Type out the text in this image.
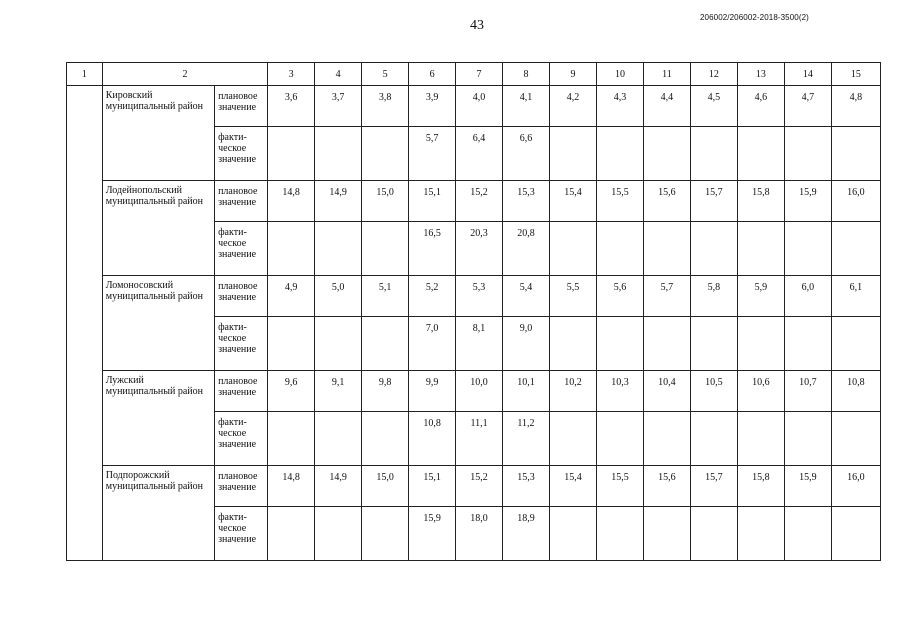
43
206002/206002-2018-3500(2)
1	2		3	4	5	6	7	8	9	10	11	12	13	14	15
	Кировский муниципальный район	плановое значение	3,6	3,7	3,8	3,9	4,0	4,1	4,2	4,3	4,4	4,5	4,6	4,7	4,8
		факти-ческое значение				5,7	6,4	6,6							
	Лодейнопольский муниципальный район	плановое значение	14,8	14,9	15,0	15,1	15,2	15,3	15,4	15,5	15,6	15,7	15,8	15,9	16,0
		факти-ческое значение				16,5	20,3	20,8							
	Ломоносовский муниципальный район	плановое значение	4,9	5,0	5,1	5,2	5,3	5,4	5,5	5,6	5,7	5,8	5,9	6,0	6,1
		факти-ческое значение				7,0	8,1	9,0							
	Лужский муниципальный район	плановое значение	9,6	9,1	9,8	9,9	10,0	10,1	10,2	10,3	10,4	10,5	10,6	10,7	10,8
		факти-ческое значение				10,8	11,1	11,2							
	Подпорожский муниципальный район	плановое значение	14,8	14,9	15,0	15,1	15,2	15,3	15,4	15,5	15,6	15,7	15,8	15,9	16,0
		факти-ческое значение				15,9	18,0	18,9							
